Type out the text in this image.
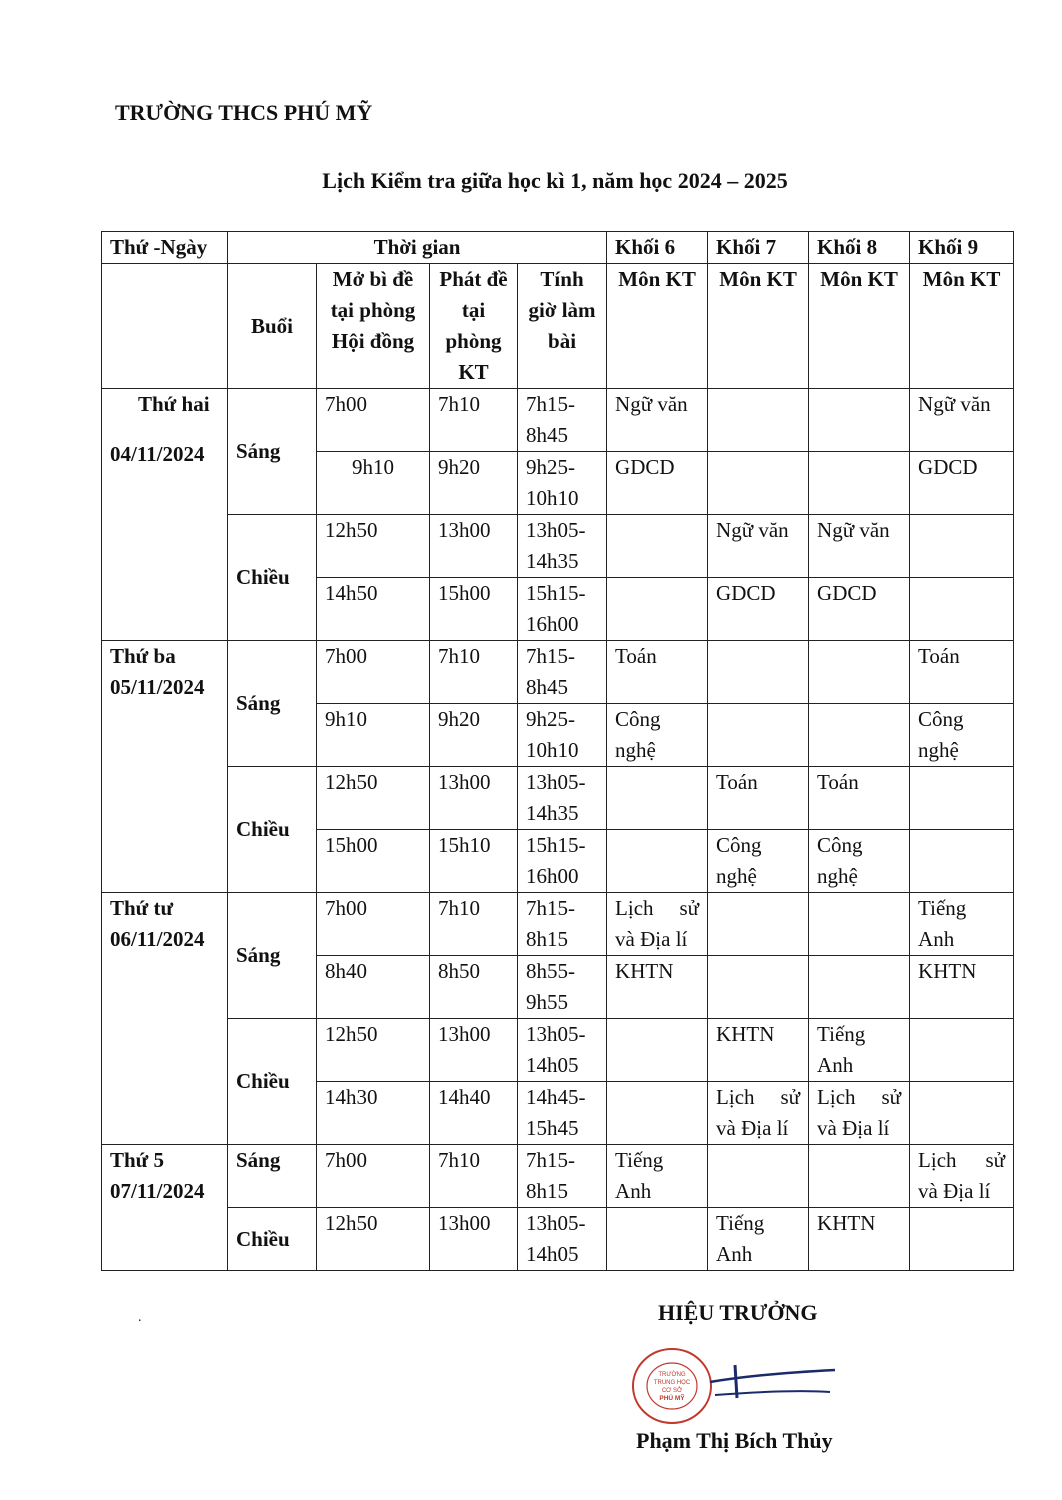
TRƯỜNG THCS PHÚ MỸ
Lịch Kiểm tra giữa học kì 1, năm học 2024 – 2025
Thứ -Ngày	Thời gian				Khối 6	Khối 7	Khối 8	Khối 9
	Buổi	Mở bì đề tại phòng Hội đồng	Phát đề tại phòng KT	Tính giờ làm bài	Môn KT	Môn KT	Môn KT	Môn KT

Thứ hai
04/11/2024	Sáng	7h00	7h10	7h15-8h45	Ngữ văn			Ngữ văn
		9h10	9h20	9h25-10h10	GDCD			GDCD
	Chiều	12h50	13h00	13h05-14h35		Ngữ văn	Ngữ văn	
		14h50	15h00	15h15-16h00		GDCD	GDCD	

Thứ ba
05/11/2024	Sáng	7h00	7h10	7h15-8h45	Toán			Toán
		9h10	9h20	9h25-10h10	Công nghệ			Công nghệ
	Chiều	12h50	13h00	13h05-14h35		Toán	Toán	
		15h00	15h10	15h15-16h00		Công nghệ	Công nghệ	

Thứ tư
06/11/2024	Sáng	7h00	7h10	7h15-8h15	Lịch sử và Địa lí			Tiếng Anh
		8h40	8h50	8h55-9h55	KHTN			KHTN
	Chiều	12h50	13h00	13h05-14h05		KHTN	Tiếng Anh	
		14h30	14h40	14h45-15h45		Lịch sử và Địa lí	Lịch sử và Địa lí	

Thứ 5
07/11/2024	Sáng	7h00	7h10	7h15-8h15	Tiếng Anh			Lịch sử và Địa lí
	Chiều	12h50	13h00	13h05-14h05		Tiếng Anh	KHTN	
.	HIỆU TRƯỞNG
TRƯỜNG
TRUNG HỌC
CƠ SỞ
PHÚ MỸ
Phạm Thị Bích Thủy
